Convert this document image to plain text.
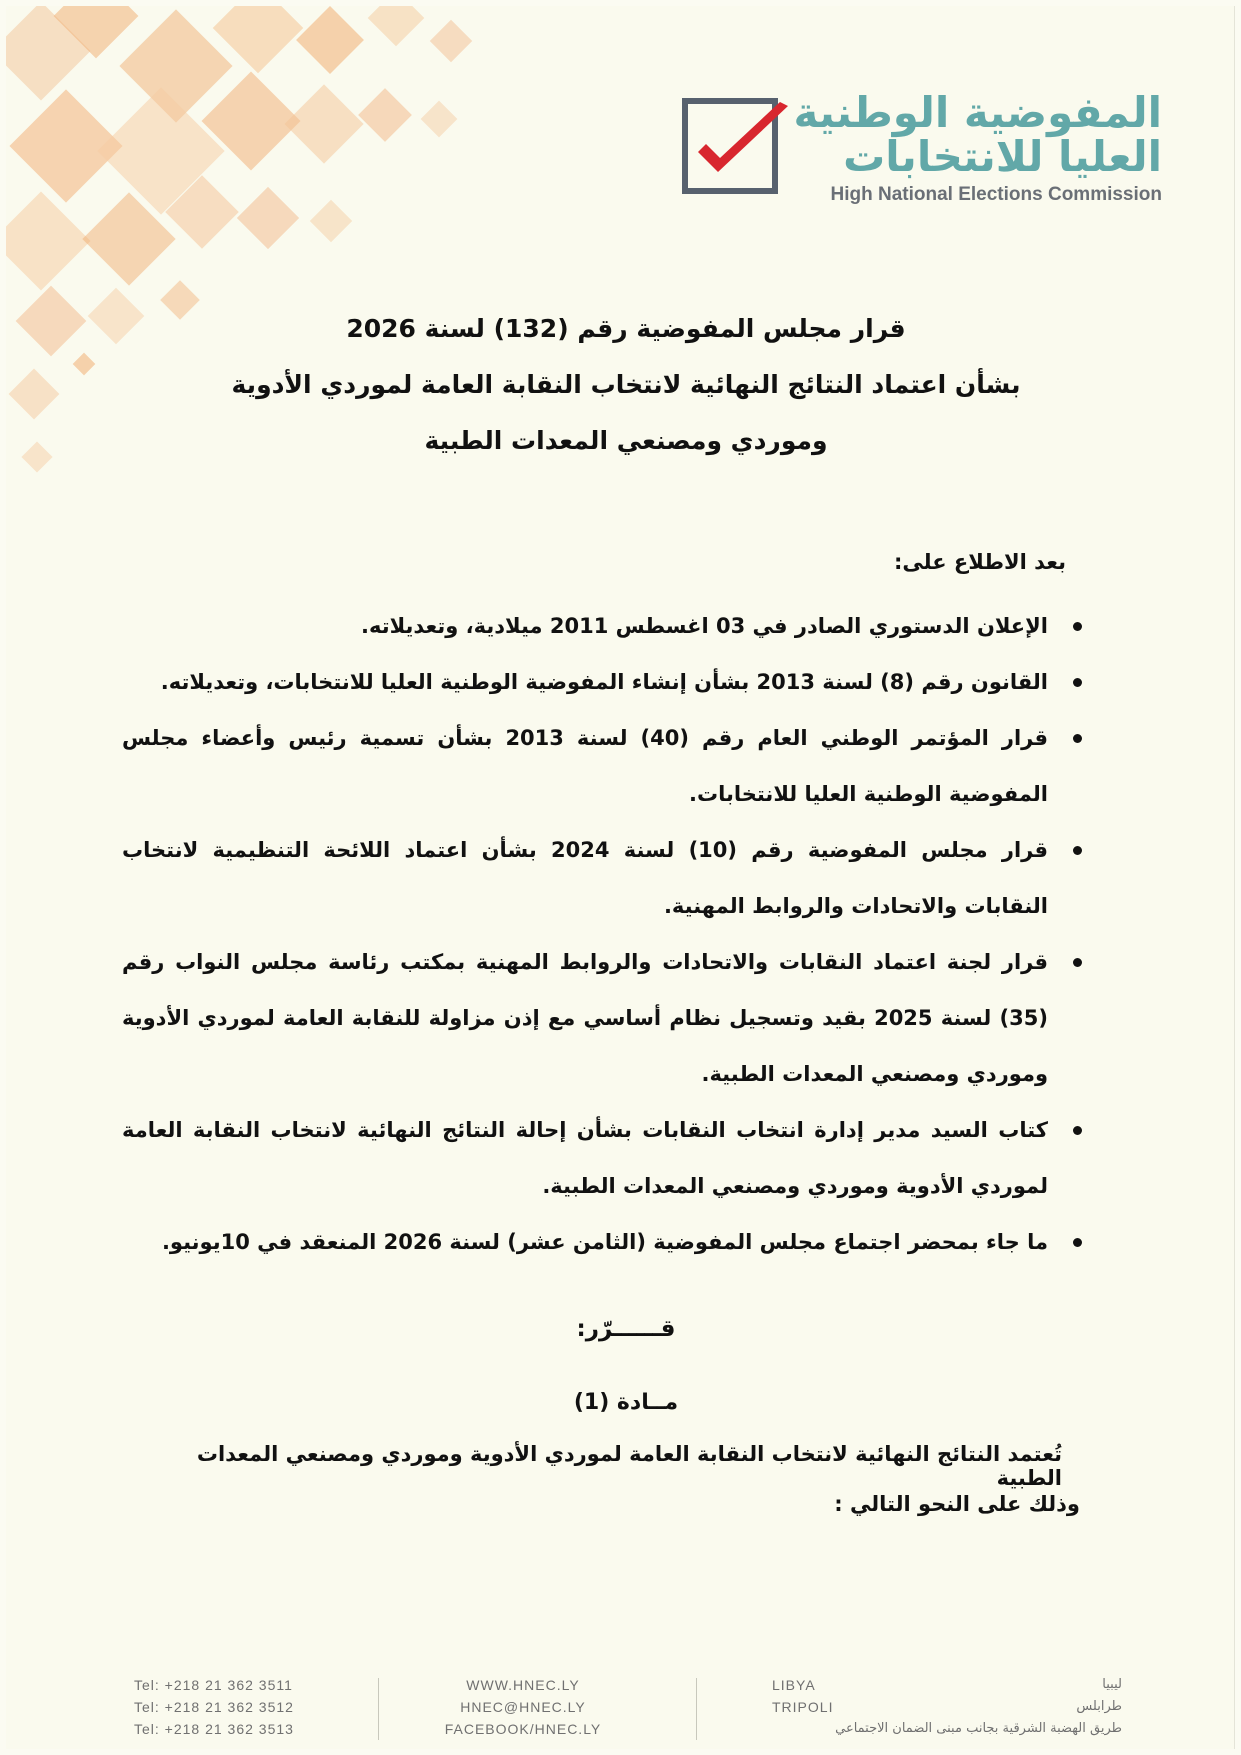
المفوضية الوطنية
العليا للانتخابات
High National Elections Commission
قرار مجلس المفوضية رقم (132) لسنة 2026
بشأن اعتماد النتائج النهائية لانتخاب النقابة العامة لموردي الأدوية
وموردي ومصنعي المعدات الطبية
بعد الاطلاع على:
الإعلان الدستوري الصادر في 03 اغسطس 2011 ميلادية، وتعديلاته.
القانون رقم (8) لسنة 2013 بشأن إنشاء المفوضية الوطنية العليا للانتخابات، وتعديلاته.
قرار المؤتمر الوطني العام رقم (40) لسنة 2013 بشأن تسمية رئيس وأعضاء مجلس المفوضية الوطنية العليا للانتخابات.
قرار مجلس المفوضية رقم (10) لسنة 2024 بشأن اعتماد اللائحة التنظيمية لانتخاب النقابات والاتحادات والروابط المهنية.
قرار لجنة اعتماد النقابات والاتحادات والروابط المهنية بمكتب رئاسة مجلس النواب رقم (35) لسنة 2025 بقيد وتسجيل نظام أساسي مع إذن مزاولة للنقابة العامة لموردي الأدوية وموردي ومصنعي المعدات الطبية.
كتاب السيد مدير إدارة انتخاب النقابات بشأن إحالة النتائج النهائية لانتخاب النقابة العامة لموردي الأدوية وموردي ومصنعي المعدات الطبية.
ما جاء بمحضر اجتماع مجلس المفوضية (الثامن عشر) لسنة 2026 المنعقد في 10يونيو.
قــــــرّر:
مــادة (1)
تُعتمد النتائج النهائية لانتخاب النقابة العامة لموردي الأدوية وموردي ومصنعي المعدات الطبية
وذلك على النحو التالي :
Tel: +218 21 362 3511
Tel: +218 21 362 3512
Tel: +218 21 362 3513
WWW.HNEC.LY
HNEC@HNEC.LY
FACEBOOK/HNEC.LY
LIBYA
TRIPOLI
ليبيا
طرابلس
طريق الهضبة الشرقية بجانب مبنى الضمان الاجتماعي
